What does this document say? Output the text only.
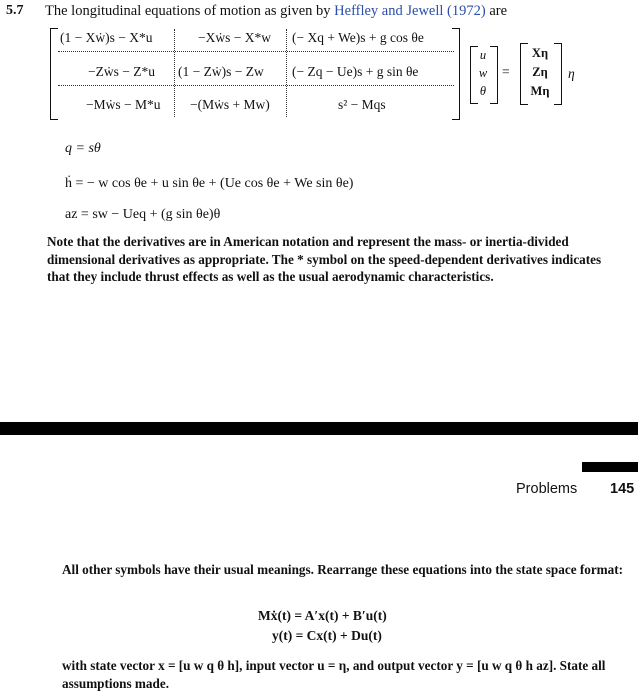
5.7 The longitudinal equations of motion as given by Heffley and Jewell (1972) are
(1 − Xẇ)s − X*u	−Xẇs − X*w (− Xq + We)s + g cos θe
−Zẇs − Z*u (1 − Zẇ)s − Zw (− Zq − Ue)s + g sin θe
−Mẇs − M*u −(Mẇs + Mw)	s² − Mqs
u
w
θ
=
Xη
Zη
Mη
η
q = sθ
ḣ = − w cos θe + u sin θe + (Ue cos θe + We sin θe)
az = sw − Ueq + (g sin θe)θ
Note that the derivatives are in American notation and represent the mass- or inertia-divided dimensional derivatives as appropriate. The * symbol on the speed-dependent derivatives indicates that they include thrust effects as well as the usual aerodynamic characteristics.
Problems 145
All other symbols have their usual meanings. Rearrange these equations into the state space format:
Mẋ(t) = A′x(t) + B′u(t)
y(t) = Cx(t) + Du(t)
with state vector x = [u w q θ h], input vector u = η, and output vector y = [u w q θ h az]. State all assumptions made.
